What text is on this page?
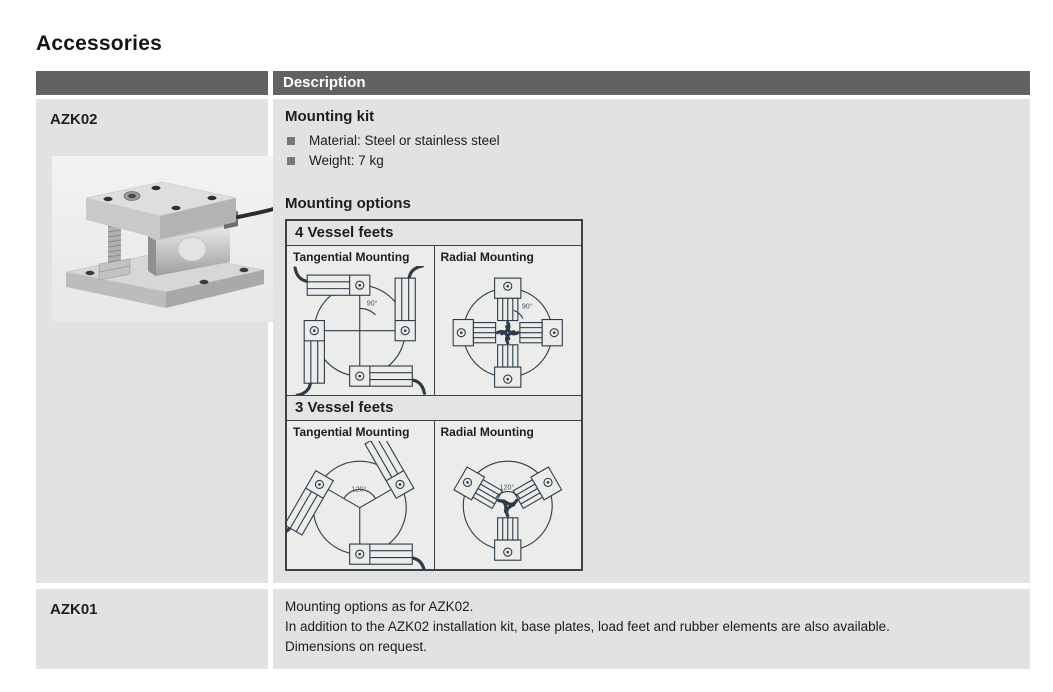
Accessories
Description
AZK02	Mounting kit
Material: Steel or stainless steel
Weight: 7 kg
Mounting options
4 Vessel feets
Tangential Mounting
90°
Radial Mounting
90°
3 Vessel feets
Tangential Mounting
120°
Radial Mounting
120°
AZK01	Mounting options as for AZK02.

In addition to the AZK02 installation kit, base plates, load feet and rubber elements are also available.

Dimensions on request.
